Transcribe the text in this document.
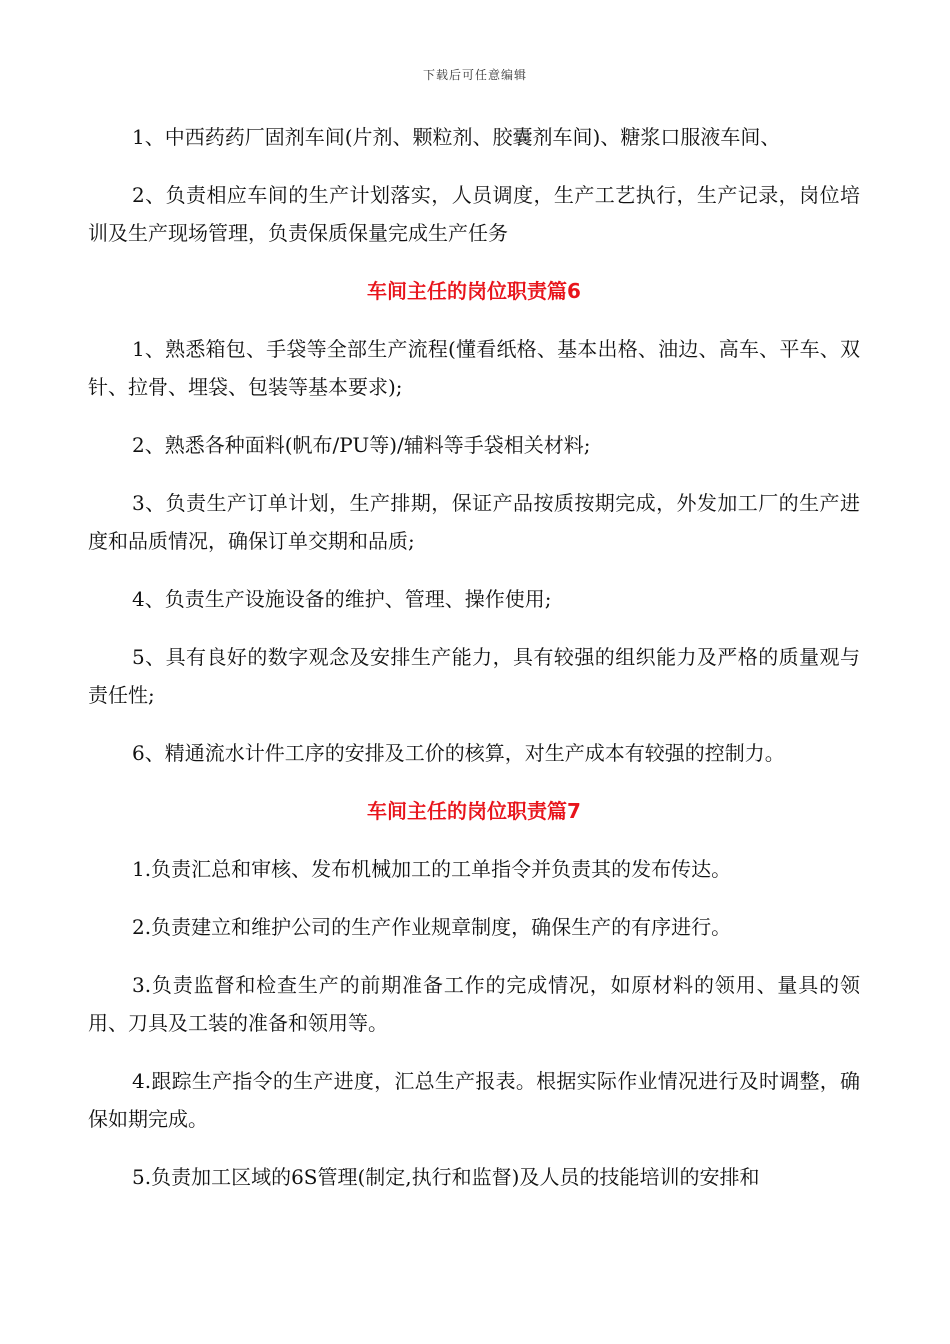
下载后可任意编辑

1、中西药药厂固剂车间(片剂、颗粒剂、胶囊剂车间)、糖浆口服液车间、

2、负责相应车间的生产计划落实，人员调度，生产工艺执行，生产记录，岗位培训及生产现场管理，负责保质保量完成生产任务

车间主任的岗位职责篇6

1、熟悉箱包、手袋等全部生产流程(懂看纸格、基本出格、油边、高车、平车、双针、拉骨、埋袋、包装等基本要求);

2、熟悉各种面料(帆布/PU等)/辅料等手袋相关材料;

3、负责生产订单计划，生产排期，保证产品按质按期完成，外发加工厂的生产进度和品质情况，确保订单交期和品质;

4、负责生产设施设备的维护、管理、操作使用;

5、具有良好的数字观念及安排生产能力，具有较强的组织能力及严格的质量观与责任性;

6、精通流水计件工序的安排及工价的核算，对生产成本有较强的控制力。

车间主任的岗位职责篇7

1.负责汇总和审核、发布机械加工的工单指令并负责其的发布传达。

2.负责建立和维护公司的生产作业规章制度，确保生产的有序进行。

3.负责监督和检查生产的前期准备工作的完成情况，如原材料的领用、量具的领用、刀具及工装的准备和领用等。

4.跟踪生产指令的生产进度，汇总生产报表。根据实际作业情况进行及时调整，确保如期完成。

5.负责加工区域的6S管理(制定,执行和监督)及人员的技能培训的安排和
